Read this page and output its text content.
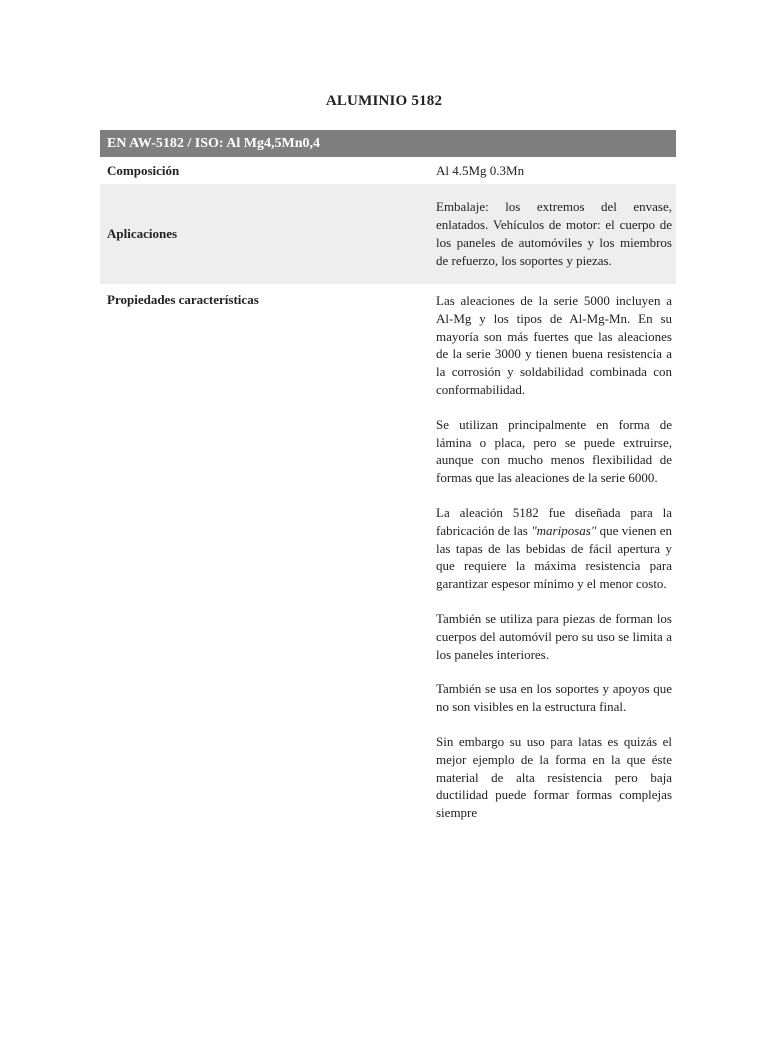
ALUMINIO 5182
EN AW-5182 / ISO: Al Mg4,5Mn0,4
Composición	Al 4.5Mg 0.3Mn
Aplicaciones
Embalaje: los extremos del envase, enlatados. Vehículos de motor: el cuerpo de los paneles de automóviles y los miembros de refuerzo, los soportes y piezas.
Propiedades características	Las aleaciones de la serie 5000 incluyen a Al-Mg y los tipos de Al-Mg-Mn. En su mayoría son más fuertes que las aleaciones de la serie 3000 y tienen buena resistencia a la corrosión y soldabilidad combinada con conformabilidad.

Se utilizan principalmente en forma de lámina o placa, pero se puede extruirse, aunque con mucho menos flexibilidad de formas que las aleaciones de la serie 6000.

La aleación 5182 fue diseñada para la fabricación de las "mariposas" que vienen en las tapas de las bebidas de fácil apertura y que requiere la máxima resistencia para garantizar espesor mínimo y el menor costo.

También se utiliza para piezas de forman los cuerpos del automóvil pero su uso se limita a los paneles interiores.

También se usa en los soportes y apoyos que no son visibles en la estructura final.

Sin embargo su uso para latas es quizás el mejor ejemplo de la forma en la que éste material de alta resistencia pero baja ductilidad puede formar formas complejas siempre
